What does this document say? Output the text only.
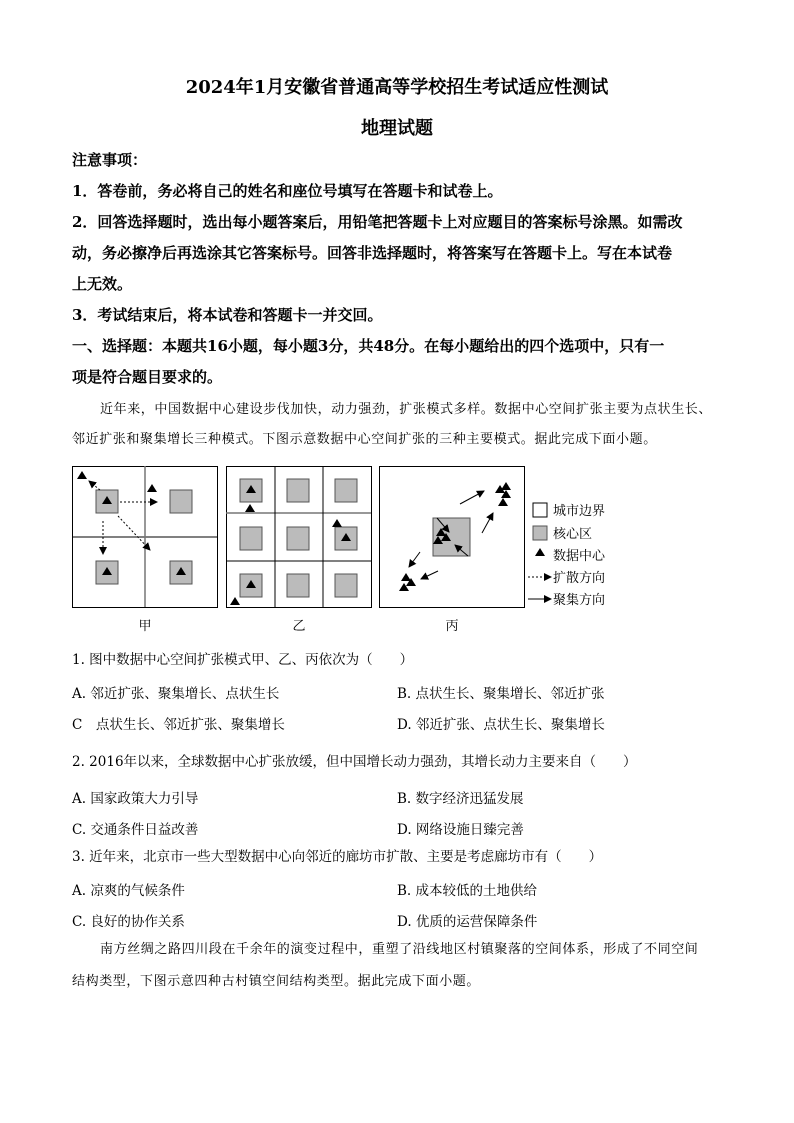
2024年1月安徽省普通高等学校招生考试适应性测试
地理试题
注意事项：
1．答卷前，务必将自己的姓名和座位号填写在答题卡和试卷上。
2．回答选择题时，选出每小题答案后，用铅笔把答题卡上对应题目的答案标号涂黑。如需改
动，务必擦净后再选涂其它答案标号。回答非选择题时，将答案写在答题卡上。写在本试卷
上无效。
3．考试结束后，将本试卷和答题卡一并交回。
一、选择题：本题共16小题，每小题3分，共48分。在每小题给出的四个选项中，只有一
项是符合题目要求的。
近年来，中国数据中心建设步伐加快，动力强劲，扩张模式多样。数据中心空间扩张主要为点状生长、
邻近扩张和聚集增长三种模式。下图示意数据中心空间扩张的三种主要模式。据此完成下面小题。
甲	乙	丙
城市边界
核心区
数据中心
扩散方向
聚集方向
1. 图中数据中心空间扩张模式甲、乙、丙依次为（　　）
A. 邻近扩张、聚集增长、点状生长	B. 点状生长、聚集增长、邻近扩张
C　点状生长、邻近扩张、聚集增长	D. 邻近扩张、点状生长、聚集增长
2. 2016年以来，全球数据中心扩张放缓，但中国增长动力强劲，其增长动力主要来自（　　）
A. 国家政策大力引导	B. 数字经济迅猛发展
C. 交通条件日益改善	D. 网络设施日臻完善
3. 近年来，北京市一些大型数据中心向邻近的廊坊市扩散、主要是考虑廊坊市有（　　）
A. 凉爽的气候条件	B. 成本较低的土地供给
C. 良好的协作关系	D. 优质的运营保障条件
南方丝绸之路四川段在千余年的演变过程中，重塑了沿线地区村镇聚落的空间体系，形成了不同空间
结构类型，下图示意四种古村镇空间结构类型。据此完成下面小题。
